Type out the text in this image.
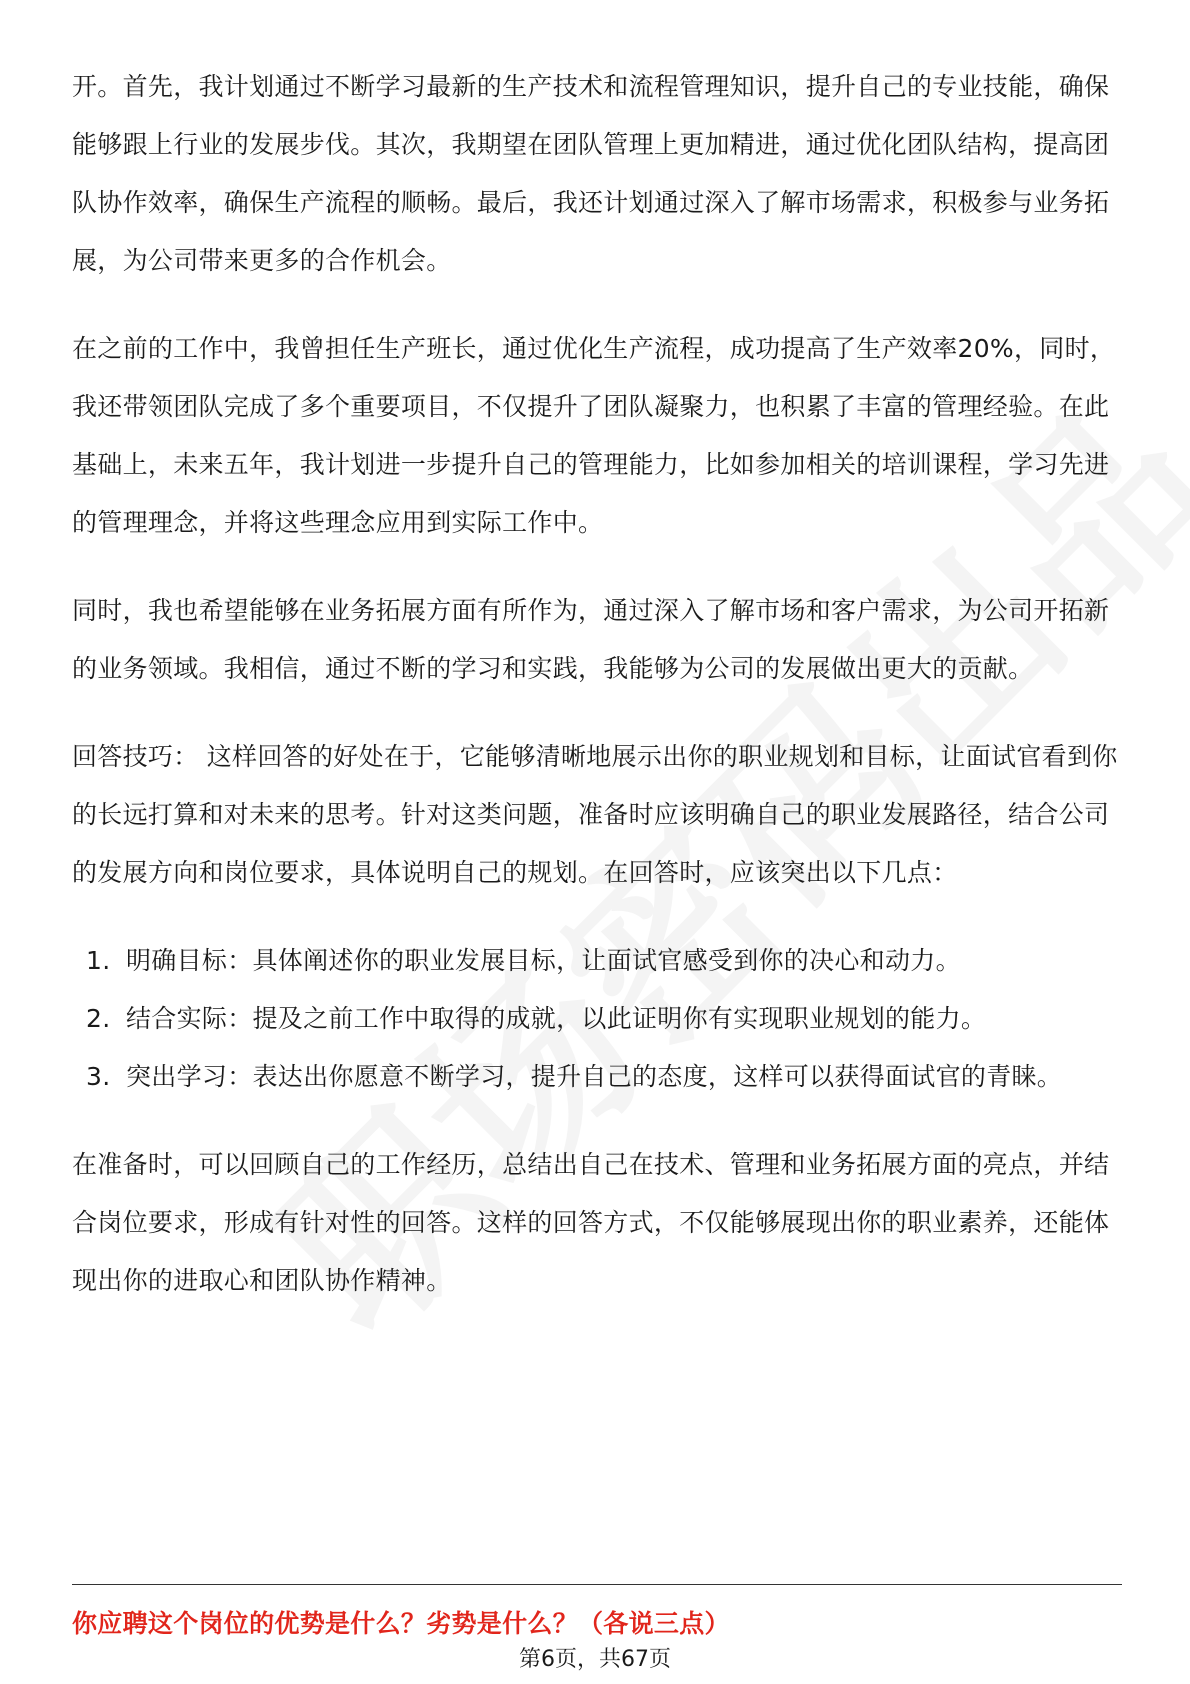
开。首先，我计划通过不断学习最新的生产技术和流程管理知识，提升自己的专业技能，确保能够跟上行业的发展步伐。其次，我期望在团队管理上更加精进，通过优化团队结构，提高团队协作效率，确保生产流程的顺畅。最后，我还计划通过深入了解市场需求，积极参与业务拓展，为公司带来更多的合作机会。

在之前的工作中，我曾担任生产班长，通过优化生产流程，成功提高了生产效率20%，同时，我还带领团队完成了多个重要项目，不仅提升了团队凝聚力，也积累了丰富的管理经验。在此基础上，未来五年，我计划进一步提升自己的管理能力，比如参加相关的培训课程，学习先进的管理理念，并将这些理念应用到实际工作中。

同时，我也希望能够在业务拓展方面有所作为，通过深入了解市场和客户需求，为公司开拓新的业务领域。我相信，通过不断的学习和实践，我能够为公司的发展做出更大的贡献。

回答技巧： 这样回答的好处在于，它能够清晰地展示出你的职业规划和目标，让面试官看到你的长远打算和对未来的思考。针对这类问题，准备时应该明确自己的职业发展路径，结合公司的发展方向和岗位要求，具体说明自己的规划。在回答时，应该突出以下几点：

1. 明确目标：具体阐述你的职业发展目标，让面试官感受到你的决心和动力。
2. 结合实际：提及之前工作中取得的成就，以此证明你有实现职业规划的能力。
3. 突出学习：表达出你愿意不断学习，提升自己的态度，这样可以获得面试官的青睐。

在准备时，可以回顾自己的工作经历，总结出自己在技术、管理和业务拓展方面的亮点，并结合岗位要求，形成有针对性的回答。这样的回答方式，不仅能够展现出你的职业素养，还能体现出你的进取心和团队协作精神。

你应聘这个岗位的优势是什么？劣势是什么？（各说三点）
第6页，共67页
